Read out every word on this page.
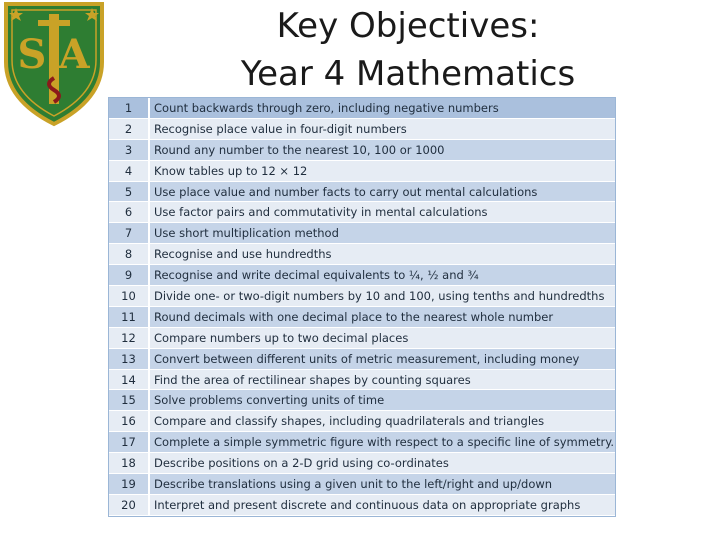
S A
Key Objectives:
Year 4 Mathematics
1	Count backwards through zero, including negative numbers
2	Recognise place value in four-digit numbers
3	Round any number to the nearest 10, 100 or 1000
4	Know tables up to 12 × 12
5	Use place value and number facts to carry out mental calculations
6	Use factor pairs and commutativity in mental calculations
7	Use short multiplication method
8	Recognise and use hundredths
9	Recognise and write decimal equivalents to ¼, ½ and ¾
10	Divide one- or two-digit numbers by 10 and 100, using tenths and hundredths
11	Round decimals with one decimal place to the nearest whole number
12	Compare numbers up to two decimal places
13	Convert between different units of metric measurement, including money
14	Find the area of rectilinear shapes by counting squares
15	Solve problems converting units of time
16	Compare and classify shapes, including quadrilaterals and triangles
17	Complete a simple symmetric figure with respect to a specific line of symmetry.
18	Describe positions on a 2-D grid using co-ordinates
19	Describe translations using a given unit to the left/right and up/down
20	Interpret and present discrete and continuous data on appropriate graphs
